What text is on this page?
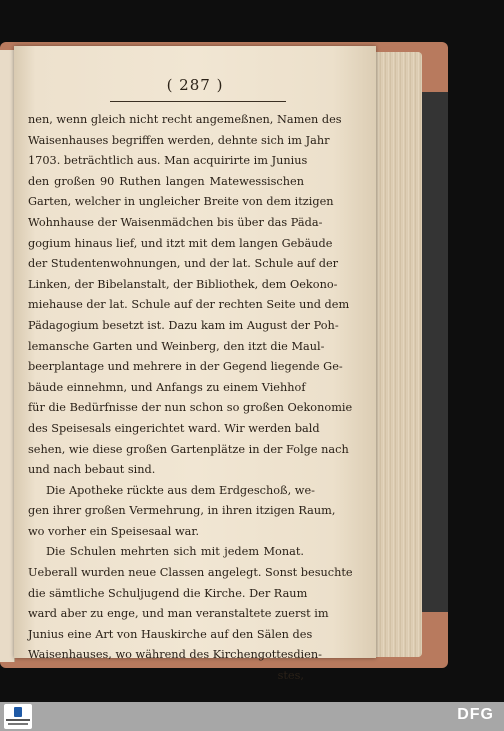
( 287 )
nen, wenn gleich nicht recht angemeßnen, Namen des
Waisenhauses begriffen werden, dehnte sich im Jahr
1703. beträchtlich aus. Man acquirirte im Junius
den großen 90 Ruthen langen Matewessischen
Garten, welcher in ungleicher Breite von dem itzigen
Wohnhause der Waisenmädchen bis über das Päda-
gogium hinaus lief, und itzt mit dem langen Gebäude
der Studentenwohnungen, und der lat. Schule auf der
Linken, der Bibelanstalt, der Bibliothek, dem Oekono-
miehause der lat. Schule auf der rechten Seite und dem
Pädagogium besetzt ist. Dazu kam im August der Poh-
lemansche Garten und Weinberg, den itzt die Maul-
beerplantage und mehrere in der Gegend liegende Ge-
bäude einnehmn, und Anfangs zu einem Viehhof
für die Bedürfnisse der nun schon so großen Oekonomie
des Speisesals eingerichtet ward. Wir werden bald
sehen, wie diese großen Gartenplätze in der Folge nach
und nach bebaut sind.
Die Apotheke rückte aus dem Erdgeschoß, we-
gen ihrer großen Vermehrung, in ihren itzigen Raum,
wo vorher ein Speisesaal war.
Die Schulen mehrten sich mit jedem Monat.
Ueberall wurden neue Classen angelegt. Sonst besuchte
die sämtliche Schuljugend die Kirche. Der Raum
ward aber zu enge, und man veranstaltete zuerst im
Junius eine Art von Hauskirche auf den Sälen des
Waisenhauses, wo während des Kirchengottesdien-
stes,
DFG
